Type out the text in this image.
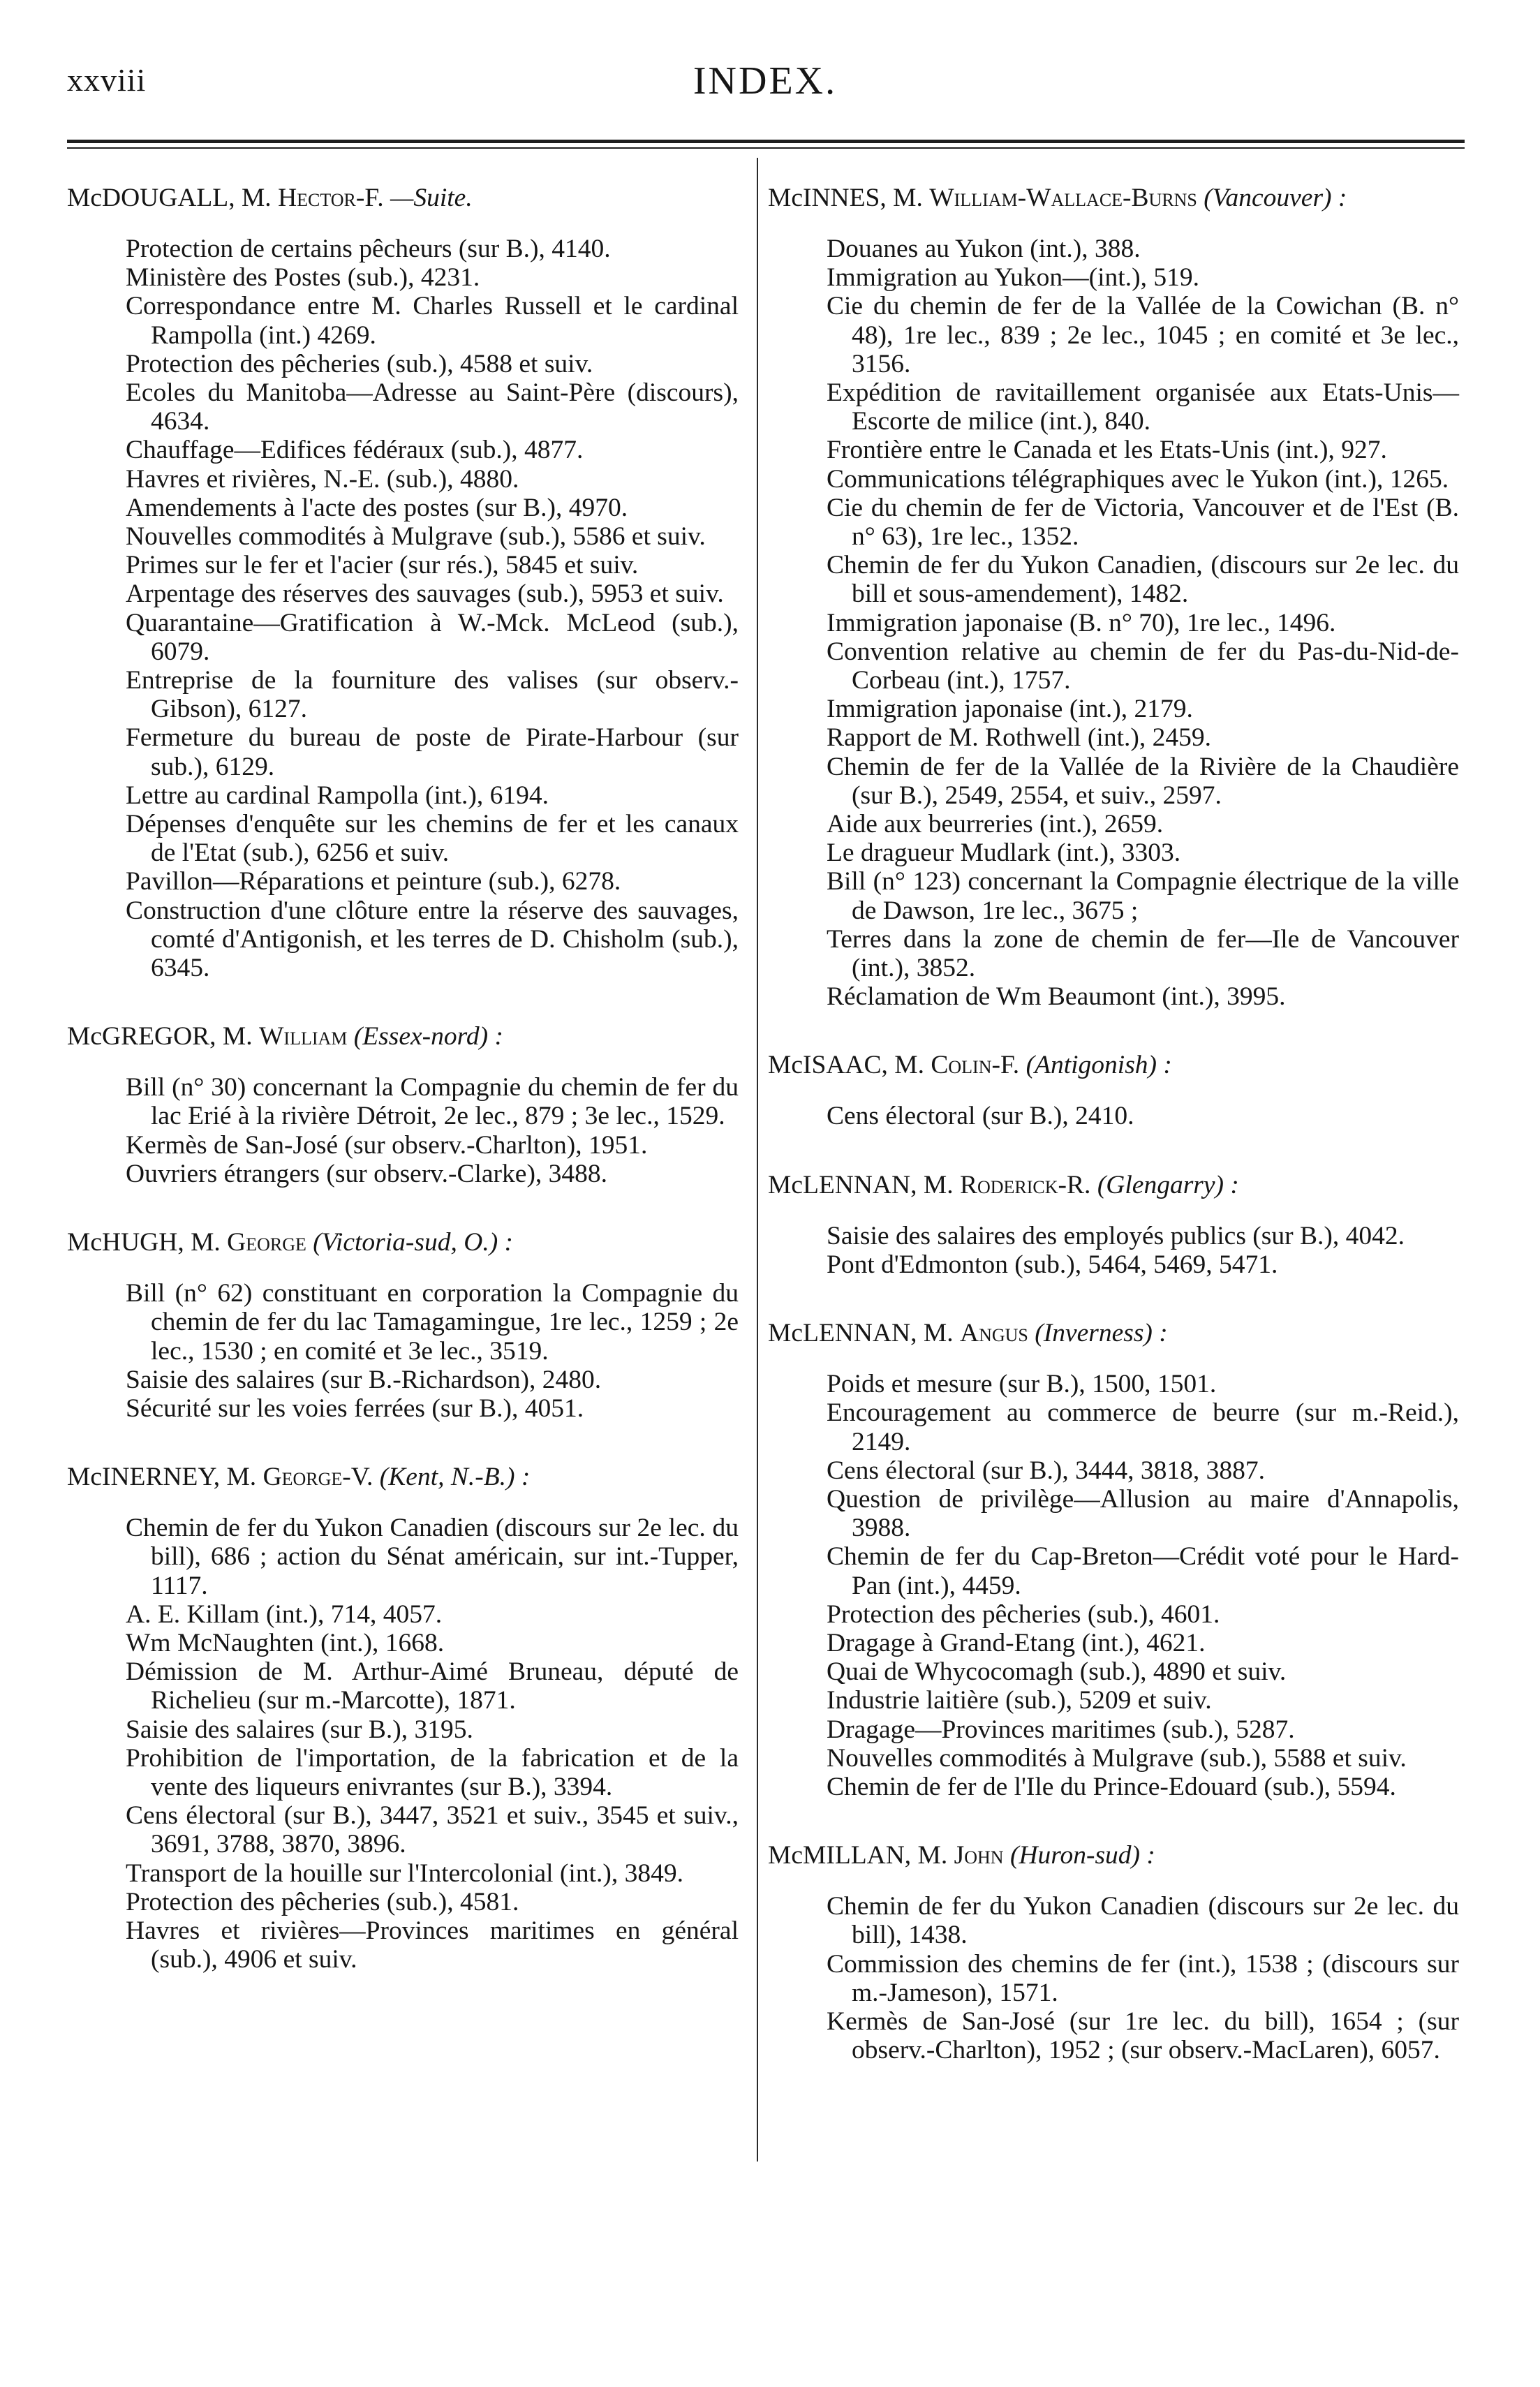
xxviii	INDEX.
McDOUGALL, M. Hector-F. —Suite.
Protection de certains pêcheurs (sur B.), 4140.
Ministère des Postes (sub.), 4231.
Correspondance entre M. Charles Russell et le cardinal Rampolla (int.) 4269.
Protection des pêcheries (sub.), 4588 et suiv.
Ecoles du Manitoba—Adresse au Saint-Père (discours), 4634.
Chauffage—Edifices fédéraux (sub.), 4877.
Havres et rivières, N.-E. (sub.), 4880.
Amendements à l'acte des postes (sur B.), 4970.
Nouvelles commodités à Mulgrave (sub.), 5586 et suiv.
Primes sur le fer et l'acier (sur rés.), 5845 et suiv.
Arpentage des réserves des sauvages (sub.), 5953 et suiv.
Quarantaine—Gratification à W.-Mck. McLeod (sub.), 6079.
Entreprise de la fourniture des valises (sur observ.-Gibson), 6127.
Fermeture du bureau de poste de Pirate-Harbour (sur sub.), 6129.
Lettre au cardinal Rampolla (int.), 6194.
Dépenses d'enquête sur les chemins de fer et les canaux de l'Etat (sub.), 6256 et suiv.
Pavillon—Réparations et peinture (sub.), 6278.
Construction d'une clôture entre la réserve des sauvages, comté d'Antigonish, et les terres de D. Chisholm (sub.), 6345.
McGREGOR, M. William (Essex-nord) :
Bill (n° 30) concernant la Compagnie du chemin de fer du lac Erié à la rivière Détroit, 2e lec., 879 ; 3e lec., 1529.
Kermès de San-José (sur observ.-Charlton), 1951.
Ouvriers étrangers (sur observ.-Clarke), 3488.
McHUGH, M. George (Victoria-sud, O.) :
Bill (n° 62) constituant en corporation la Compagnie du chemin de fer du lac Tamagamingue, 1re lec., 1259 ; 2e lec., 1530 ; en comité et 3e lec., 3519.
Saisie des salaires (sur B.-Richardson), 2480.
Sécurité sur les voies ferrées (sur B.), 4051.
McINERNEY, M. George-V. (Kent, N.-B.) :
Chemin de fer du Yukon Canadien (discours sur 2e lec. du bill), 686 ; action du Sénat américain, sur int.-Tupper, 1117.
A. E. Killam (int.), 714, 4057.
Wm McNaughten (int.), 1668.
Démission de M. Arthur-Aimé Bruneau, député de Richelieu (sur m.-Marcotte), 1871.
Saisie des salaires (sur B.), 3195.
Prohibition de l'importation, de la fabrication et de la vente des liqueurs enivrantes (sur B.), 3394.
Cens électoral (sur B.), 3447, 3521 et suiv., 3545 et suiv., 3691, 3788, 3870, 3896.
Transport de la houille sur l'Intercolonial (int.), 3849.
Protection des pêcheries (sub.), 4581.
Havres et rivières—Provinces maritimes en général (sub.), 4906 et suiv.
McINNES, M. William-Wallace-Burns (Vancouver) :
Douanes au Yukon (int.), 388.
Immigration au Yukon—(int.), 519.
Cie du chemin de fer de la Vallée de la Cowichan (B. n° 48), 1re lec., 839 ; 2e lec., 1045 ; en comité et 3e lec., 3156.
Expédition de ravitaillement organisée aux Etats-Unis—Escorte de milice (int.), 840.
Frontière entre le Canada et les Etats-Unis (int.), 927.
Communications télégraphiques avec le Yukon (int.), 1265.
Cie du chemin de fer de Victoria, Vancouver et de l'Est (B. n° 63), 1re lec., 1352.
Chemin de fer du Yukon Canadien, (discours sur 2e lec. du bill et sous-amendement), 1482.
Immigration japonaise (B. n° 70), 1re lec., 1496.
Convention relative au chemin de fer du Pas-du-Nid-de-Corbeau (int.), 1757.
Immigration japonaise (int.), 2179.
Rapport de M. Rothwell (int.), 2459.
Chemin de fer de la Vallée de la Rivière de la Chaudière (sur B.), 2549, 2554, et suiv., 2597.
Aide aux beurreries (int.), 2659.
Le dragueur Mudlark (int.), 3303.
Bill (n° 123) concernant la Compagnie électrique de la ville de Dawson, 1re lec., 3675 ;
Terres dans la zone de chemin de fer—Ile de Vancouver (int.), 3852.
Réclamation de Wm Beaumont (int.), 3995.
McISAAC, M. Colin-F. (Antigonish) :
Cens électoral (sur B.), 2410.
McLENNAN, M. Roderick-R. (Glengarry) :
Saisie des salaires des employés publics (sur B.), 4042.
Pont d'Edmonton (sub.), 5464, 5469, 5471.
McLENNAN, M. Angus (Inverness) :
Poids et mesure (sur B.), 1500, 1501.
Encouragement au commerce de beurre (sur m.-Reid.), 2149.
Cens électoral (sur B.), 3444, 3818, 3887.
Question de privilège—Allusion au maire d'Annapolis, 3988.
Chemin de fer du Cap-Breton—Crédit voté pour le Hard-Pan (int.), 4459.
Protection des pêcheries (sub.), 4601.
Dragage à Grand-Etang (int.), 4621.
Quai de Whycocomagh (sub.), 4890 et suiv.
Industrie laitière (sub.), 5209 et suiv.
Dragage—Provinces maritimes (sub.), 5287.
Nouvelles commodités à Mulgrave (sub.), 5588 et suiv.
Chemin de fer de l'Ile du Prince-Edouard (sub.), 5594.
McMILLAN, M. John (Huron-sud) :
Chemin de fer du Yukon Canadien (discours sur 2e lec. du bill), 1438.
Commission des chemins de fer (int.), 1538 ; (discours sur m.-Jameson), 1571.
Kermès de San-José (sur 1re lec. du bill), 1654 ; (sur observ.-Charlton), 1952 ; (sur observ.-MacLaren), 6057.
